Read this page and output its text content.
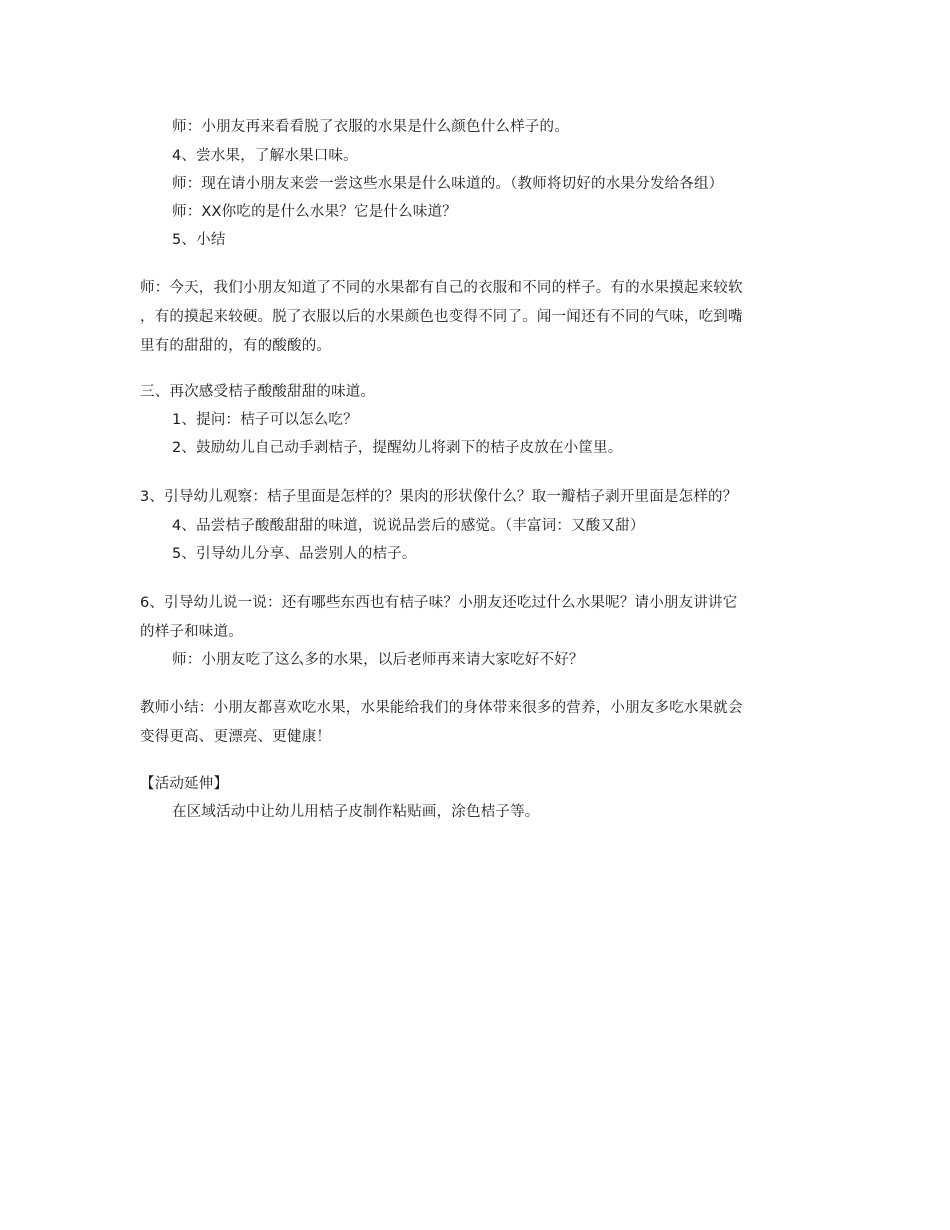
师：小朋友再来看看脱了衣服的水果是什么颜色什么样子的。
4、尝水果，了解水果口味。
师：现在请小朋友来尝一尝这些水果是什么味道的。（教师将切好的水果分发给各组）
师：XX你吃的是什么水果？它是什么味道？
5、小结
师：今天，我们小朋友知道了不同的水果都有自己的衣服和不同的样子。有的水果摸起来较软
，有的摸起来较硬。脱了衣服以后的水果颜色也变得不同了。闻一闻还有不同的气味，吃到嘴
里有的甜甜的，有的酸酸的。
三、再次感受桔子酸酸甜甜的味道。
1、提问：桔子可以怎么吃？
2、鼓励幼儿自己动手剥桔子，提醒幼儿将剥下的桔子皮放在小筐里。
3、引导幼儿观察：桔子里面是怎样的？果肉的形状像什么？取一瓣桔子剥开里面是怎样的？
4、品尝桔子酸酸甜甜的味道，说说品尝后的感觉。（丰富词：又酸又甜）
5、引导幼儿分享、品尝别人的桔子。
6、引导幼儿说一说：还有哪些东西也有桔子味？小朋友还吃过什么水果呢？请小朋友讲讲它
的样子和味道。
师：小朋友吃了这么多的水果，以后老师再来请大家吃好不好？
教师小结：小朋友都喜欢吃水果，水果能给我们的身体带来很多的营养，小朋友多吃水果就会
变得更高、更漂亮、更健康！
【活动延伸】
在区域活动中让幼儿用桔子皮制作粘贴画，涂色桔子等。
